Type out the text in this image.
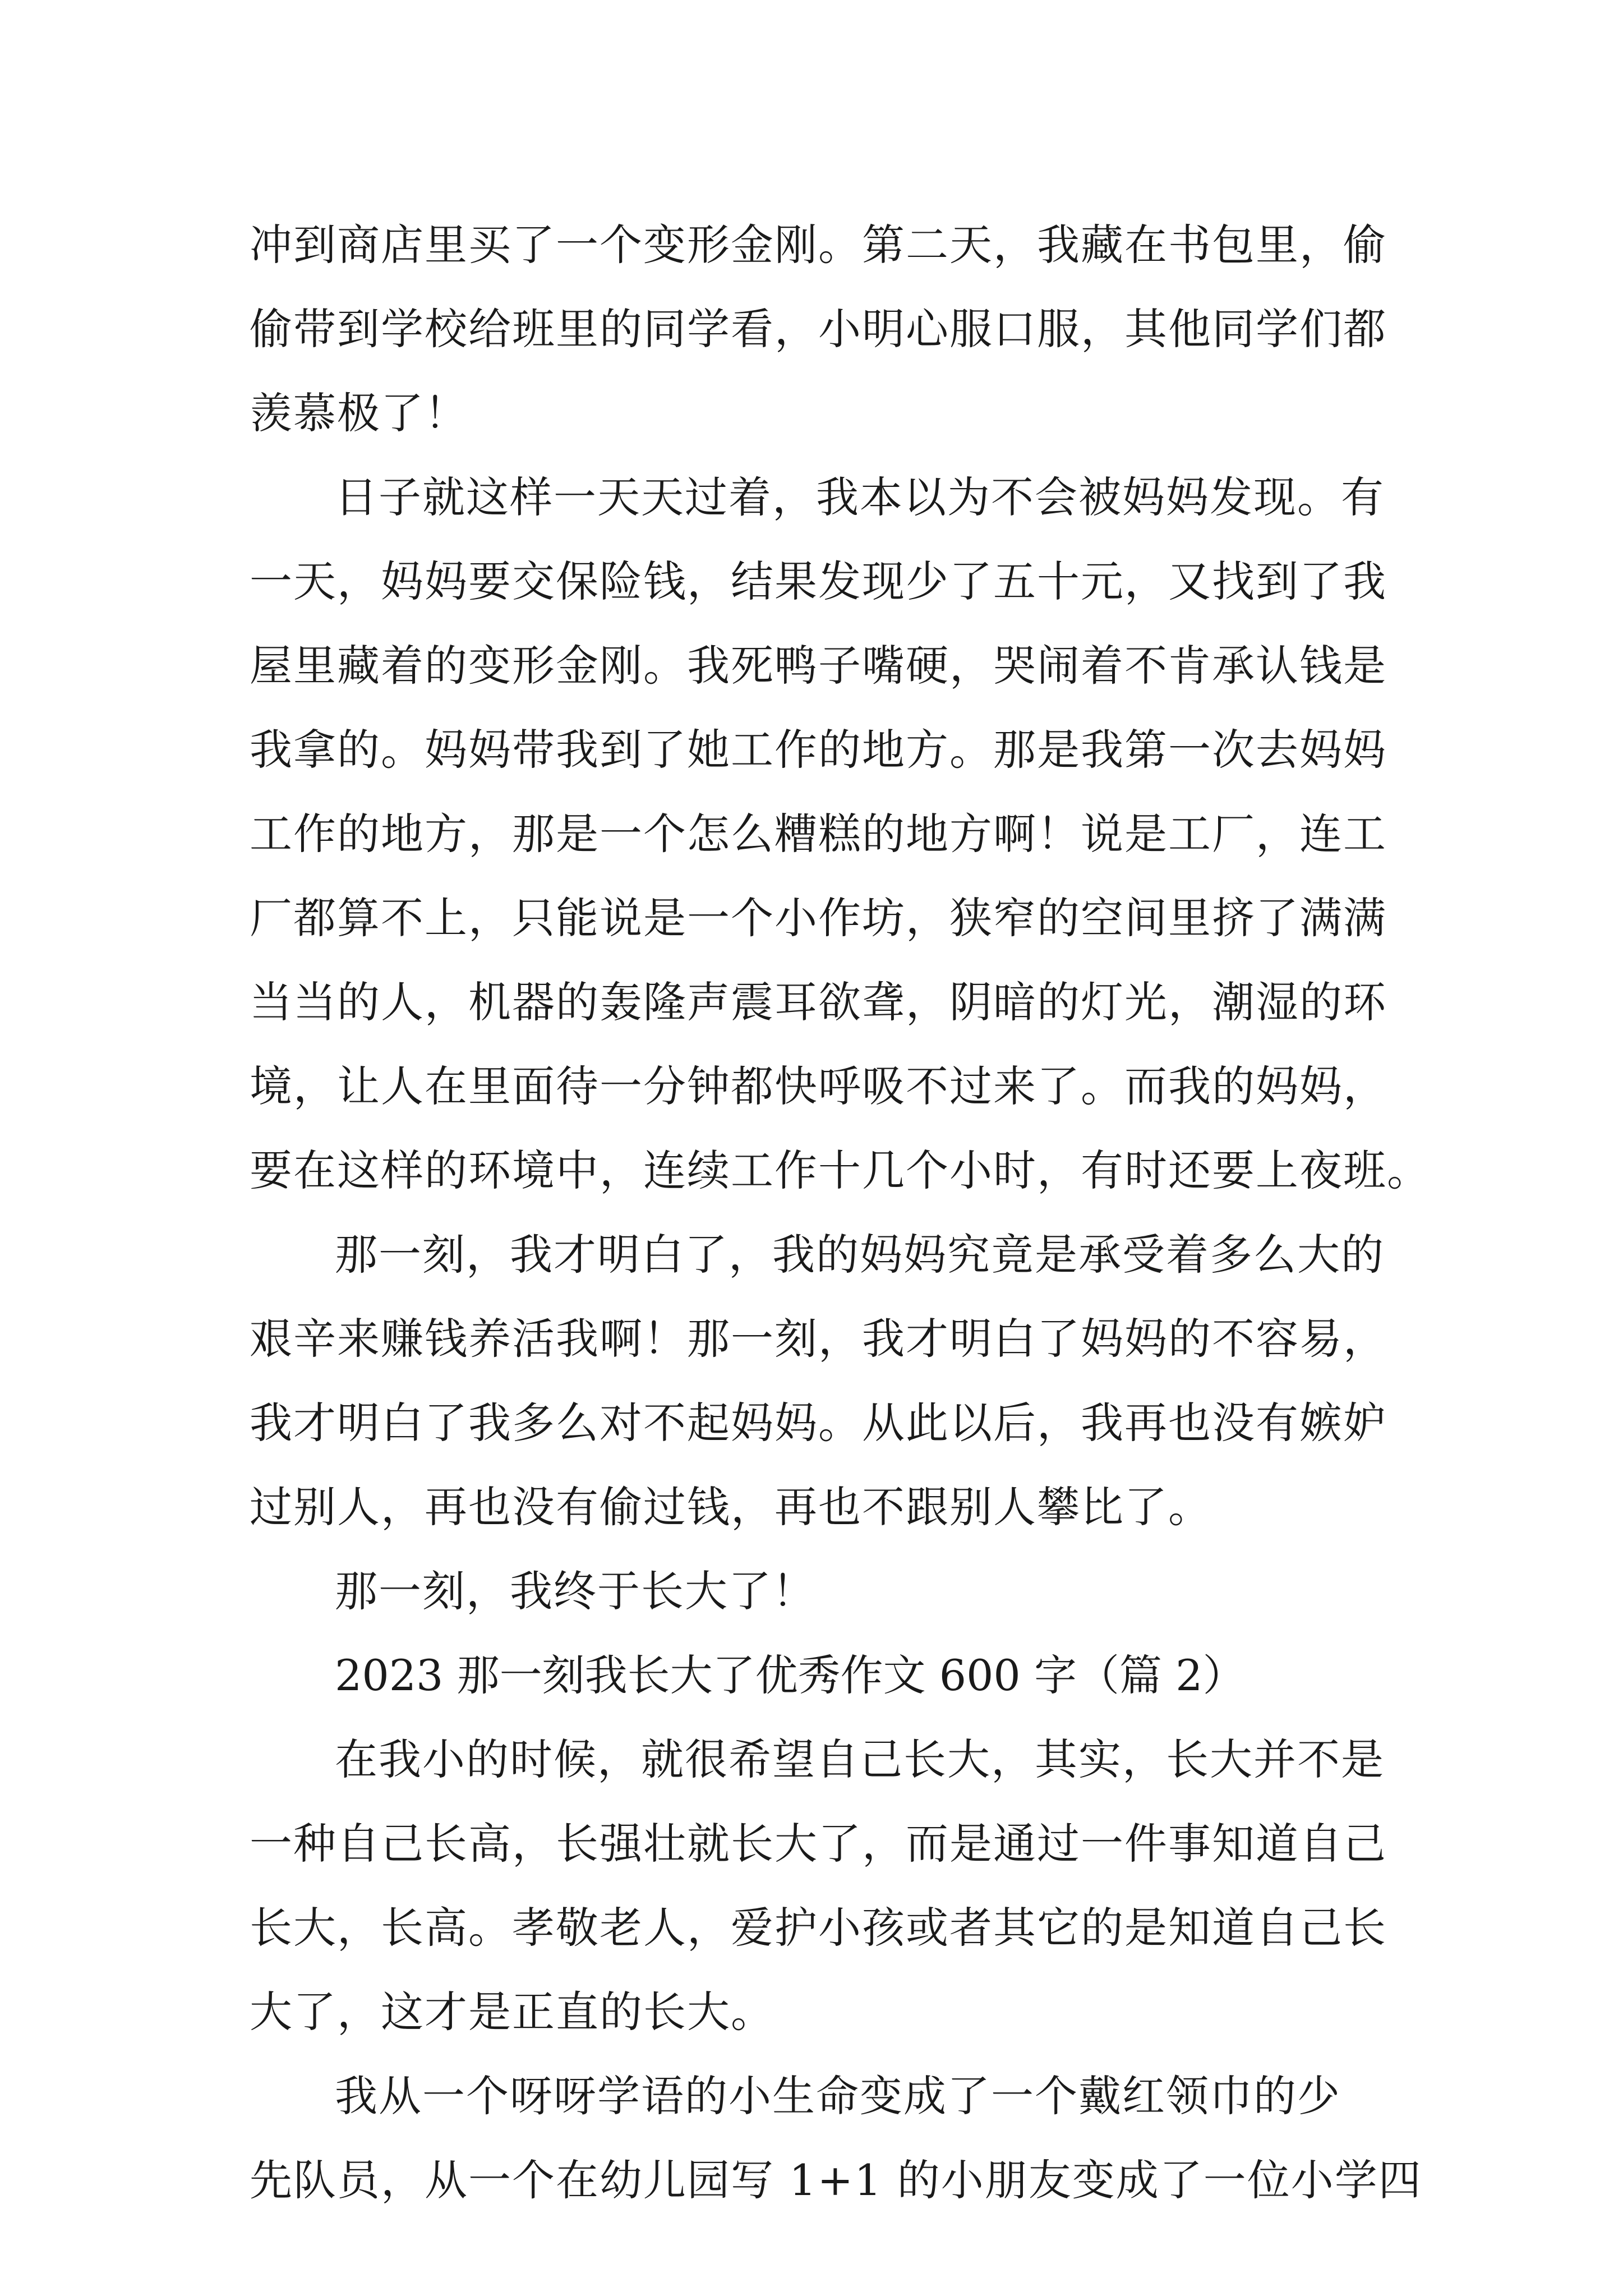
冲到商店里买了一个变形金刚。第二天，我藏在书包里，偷
偷带到学校给班里的同学看，小明心服口服，其他同学们都
羡慕极了！
日子就这样一天天过着，我本以为不会被妈妈发现。有
一天，妈妈要交保险钱，结果发现少了五十元，又找到了我
屋里藏着的变形金刚。我死鸭子嘴硬，哭闹着不肯承认钱是
我拿的。妈妈带我到了她工作的地方。那是我第一次去妈妈
工作的地方，那是一个怎么糟糕的地方啊！说是工厂，连工
厂都算不上，只能说是一个小作坊，狭窄的空间里挤了满满
当当的人，机器的轰隆声震耳欲聋，阴暗的灯光，潮湿的环
境，让人在里面待一分钟都快呼吸不过来了。而我的妈妈，
要在这样的环境中，连续工作十几个小时，有时还要上夜班。
那一刻，我才明白了，我的妈妈究竟是承受着多么大的
艰辛来赚钱养活我啊！那一刻，我才明白了妈妈的不容易，
我才明白了我多么对不起妈妈。从此以后，我再也没有嫉妒
过别人，再也没有偷过钱，再也不跟别人攀比了。
那一刻，我终于长大了！
2023 那一刻我长大了优秀作文 600 字（篇 2）
在我小的时候，就很希望自己长大，其实，长大并不是
一种自己长高，长强壮就长大了，而是通过一件事知道自己
长大，长高。孝敬老人，爱护小孩或者其它的是知道自己长
大了，这才是正直的长大。
我从一个呀呀学语的小生命变成了一个戴红领巾的少
先队员，从一个在幼儿园写 1+1 的小朋友变成了一位小学四
